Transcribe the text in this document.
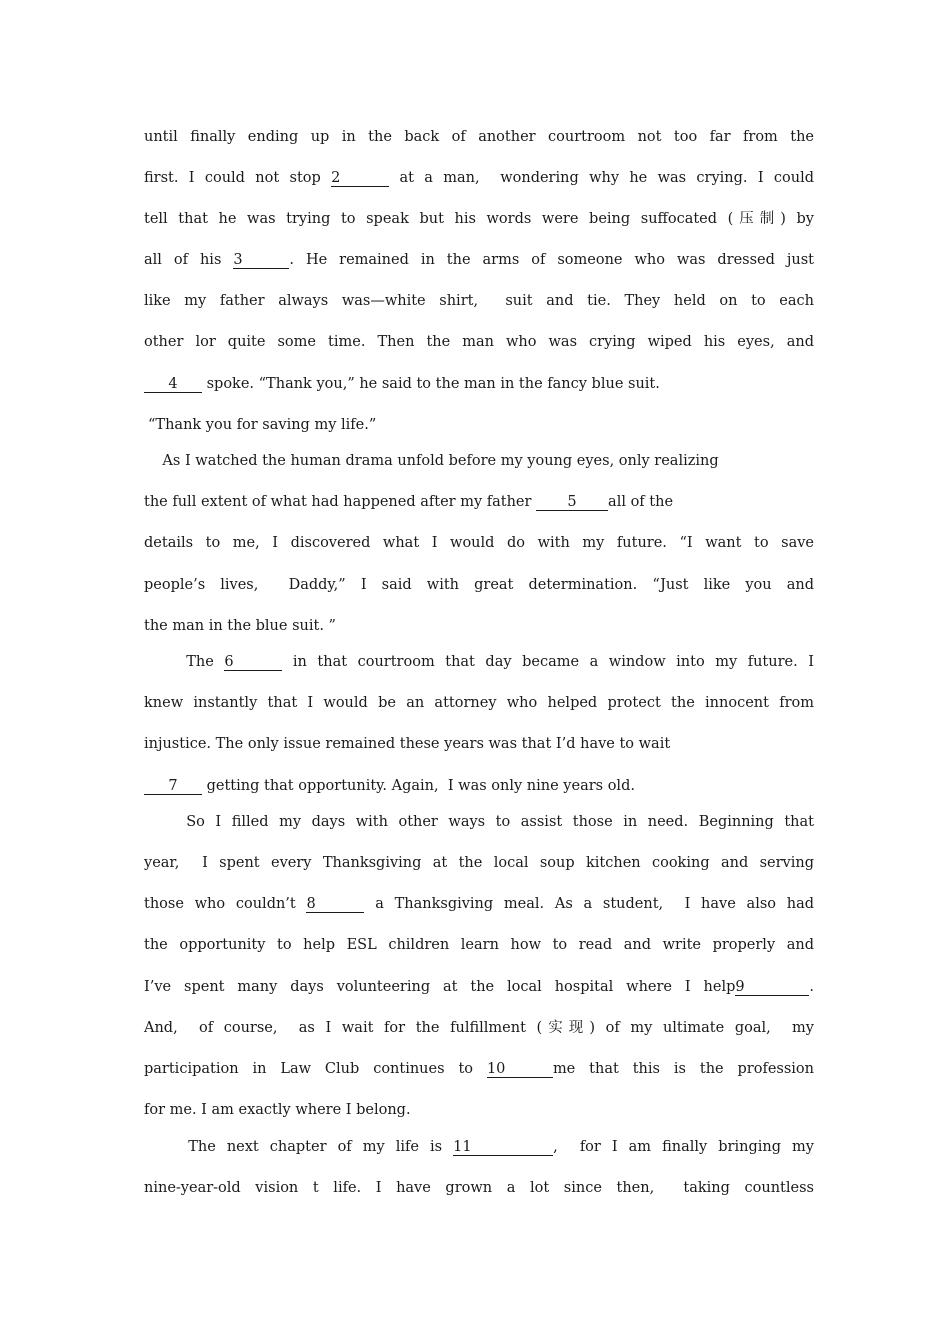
until finally ending up in the back of another courtroom not too far from the
first. I could not stop 2	at a man,  wondering why he was crying. I could
tell that he was trying to speak but his words were being suffocated (压制) by
all of his 3	. He remained in the arms of someone who was dressed just
like my father always was—white shirt,  suit and tie. They held on to each
other lor quite some time. Then the man who was crying wiped his eyes, and
4 spoke. “Thank you,” he said to the man in the fancy blue suit.
“Thank you for saving my life.”
As I watched the human drama unfold before my young eyes, only realizing
the full extent of what had happened after my father 5 all of the
details to me, I discovered what I would do with my future. “I want to save
people’s lives,  Daddy,” I said with great determination. “Just like you and
the man in the blue suit. ”
The 6	in that courtroom that day became a window into my future. I
knew instantly that I would be an attorney who helped protect the innocent from
injustice. The only issue remained these years was that I’d have to wait
7 getting that opportunity. Again,  I was only nine years old.
So I filled my days with other ways to assist those in need. Beginning that
year,  I spent every Thanksgiving at the local soup kitchen cooking and serving
those who couldn’t 8	a Thanksgiving meal. As a student,  I have also had
the opportunity to help ESL children learn how to read and write properly and
I’ve spent many days volunteering at the local hospital where I help9	.
And,  of course,  as I wait for the fulfillment (实现) of my ultimate goal,  my
participation in Law Club continues to 10	me that this is the profession
for me. I am exactly where I belong.
The next chapter of my life is 11	,  for I am finally bringing my
nine-year-old vision t life. I have grown a lot since then,  taking countless
